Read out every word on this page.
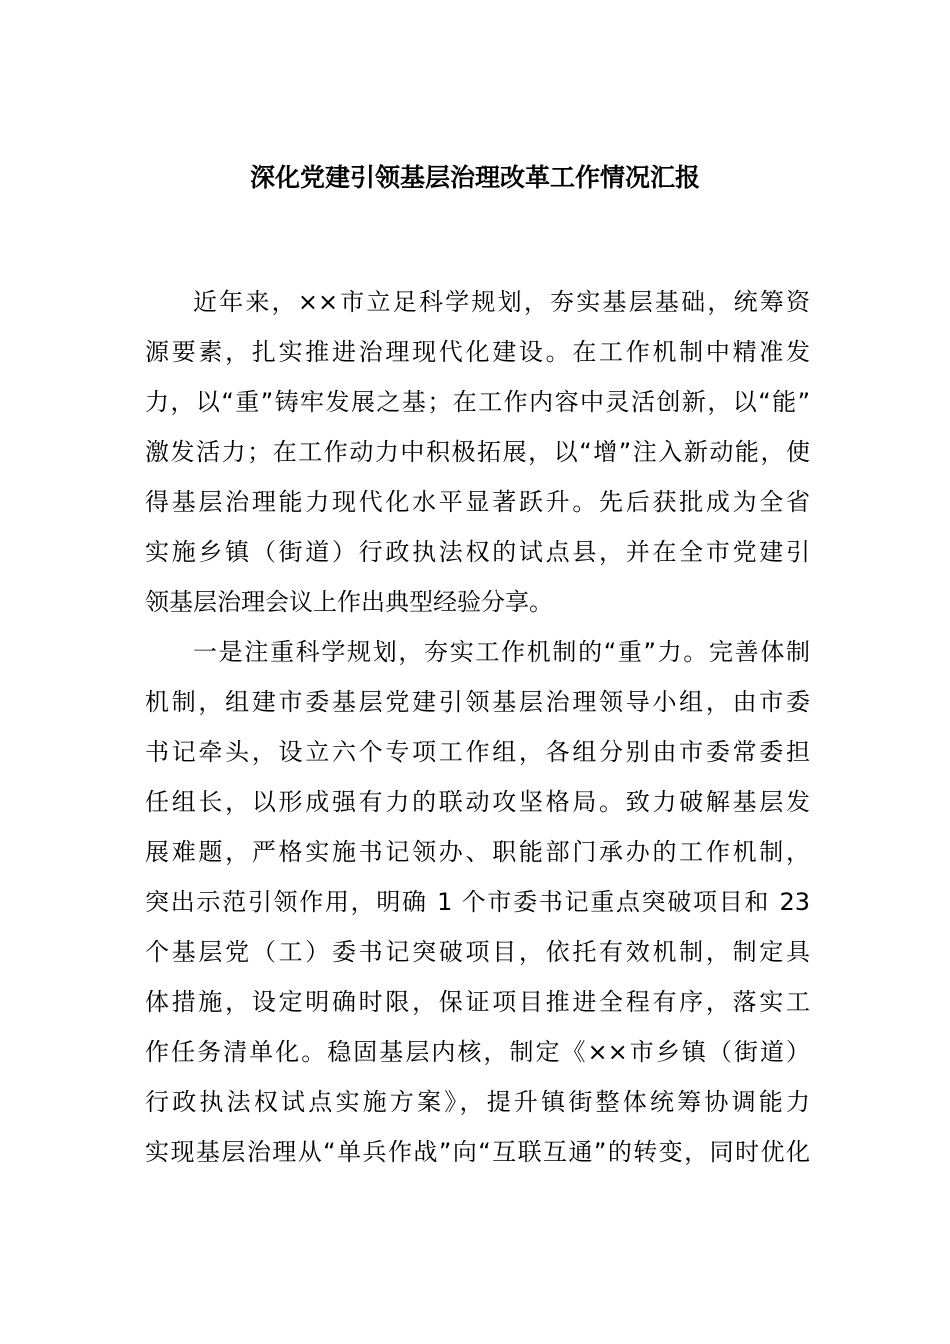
深化党建引领基层治理改革工作情况汇报
近年来，××市立足科学规划，夯实基层基础，统筹资
源要素，扎实推进治理现代化建设。在工作机制中精准发
力，以“重”铸牢发展之基；在工作内容中灵活创新，以“能”
激发活力；在工作动力中积极拓展，以“增”注入新动能，使
得基层治理能力现代化水平显著跃升。先后获批成为全省
实施乡镇（街道）行政执法权的试点县，并在全市党建引
领基层治理会议上作出典型经验分享。
一是注重科学规划，夯实工作机制的“重”力。完善体制
机制，组建市委基层党建引领基层治理领导小组，由市委
书记牵头，设立六个专项工作组，各组分别由市委常委担
任组长，以形成强有力的联动攻坚格局。致力破解基层发
展难题，严格实施书记领办、职能部门承办的工作机制，
突出示范引领作用，明确 1 个市委书记重点突破项目和 23
个基层党（工）委书记突破项目，依托有效机制，制定具
体措施，设定明确时限，保证项目推进全程有序，落实工
作任务清单化。稳固基层内核，制定《××市乡镇（街道）
行政执法权试点实施方案》，提升镇街整体统筹协调能力
实现基层治理从“单兵作战”向“互联互通”的转变，同时优化
